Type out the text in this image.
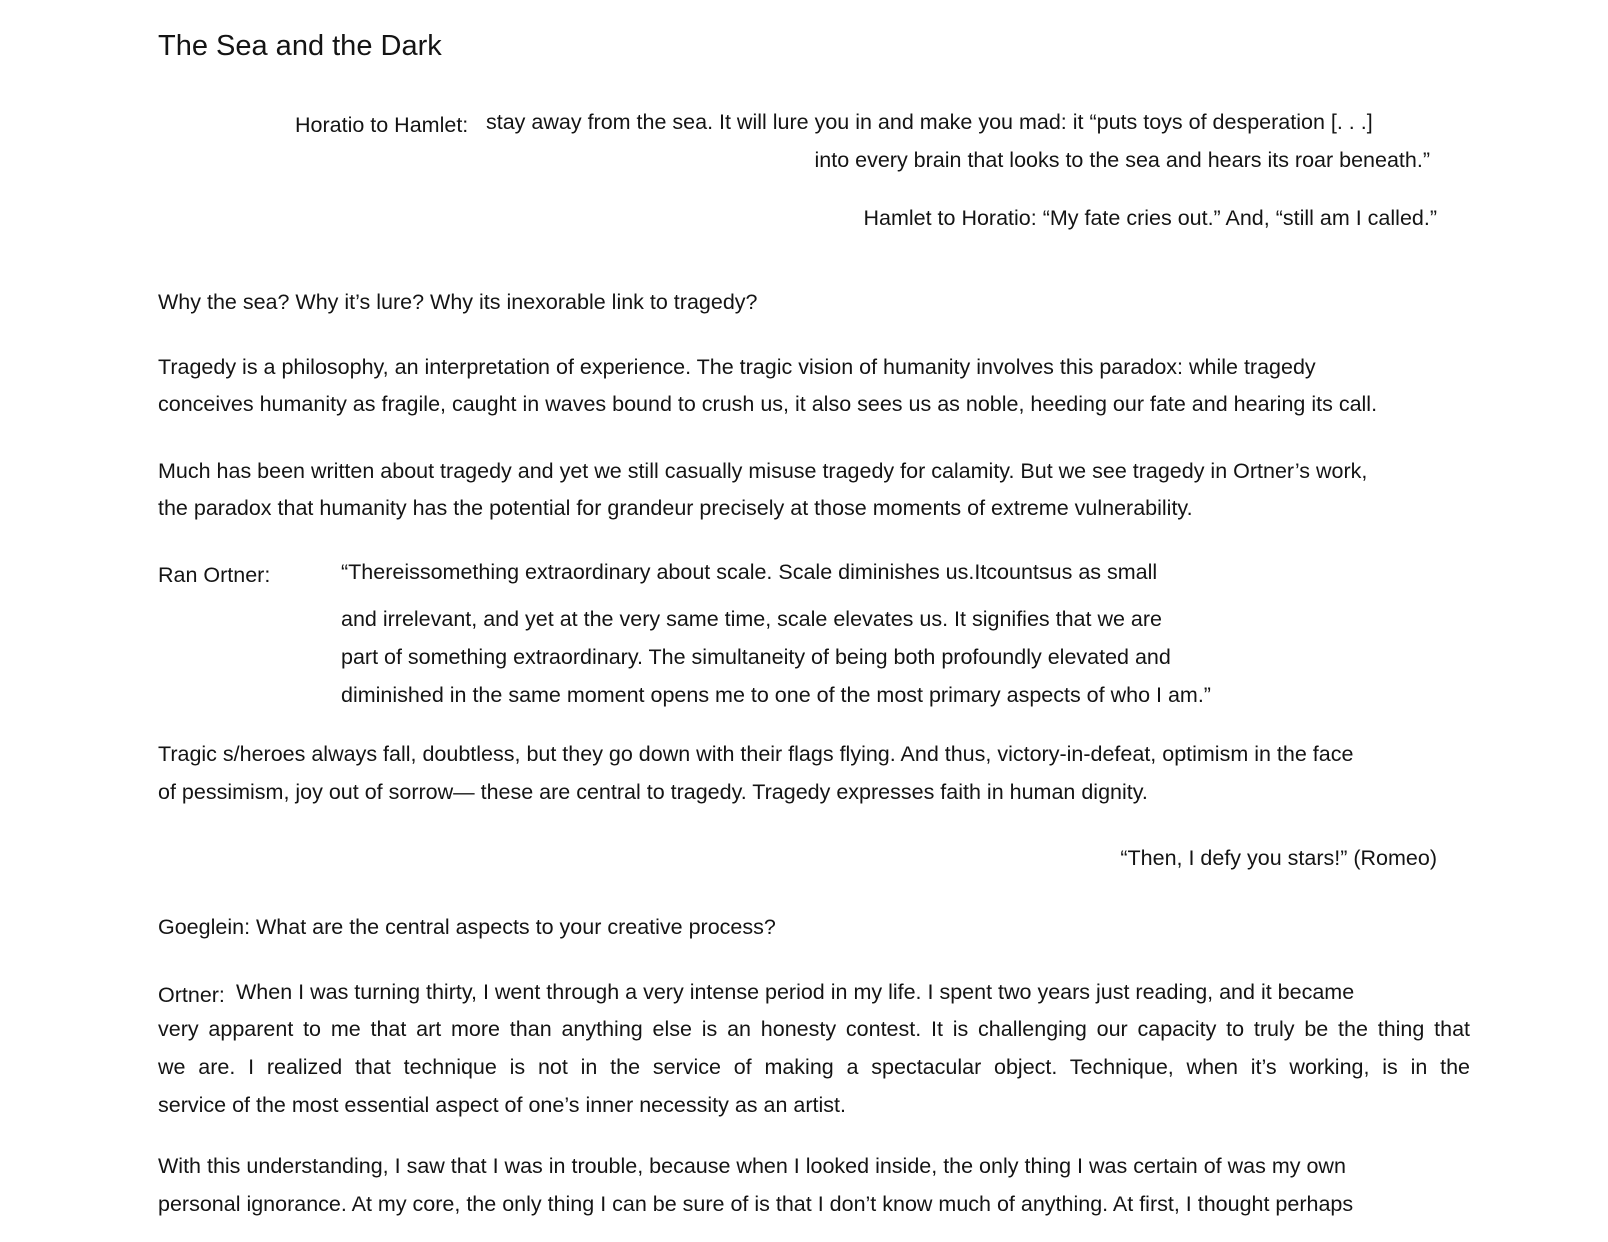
The Sea and the Dark
Horatio to Hamlet: stay away from the sea. It will lure you in and make you mad: it “puts toys of desperation [. . .]
into every brain that looks to the sea and hears its roar beneath.”
Hamlet to Horatio: “My fate cries out.” And, “still am I called.”
Why the sea? Why it’s lure? Why its inexorable link to tragedy?
Tragedy is a philosophy, an interpretation of experience. The tragic vision of humanity involves this paradox: while tragedy
conceives humanity as fragile, caught in waves bound to crush us, it also sees us as noble, heeding our fate and hearing its call.
Much has been written about tragedy and yet we still casually misuse tragedy for calamity. But we see tragedy in Ortner’s work,
the paradox that humanity has the potential for grandeur precisely at those moments of extreme vulnerability.
Ran Ortner:	“Thereissomething extraordinary about scale. Scale diminishes us.Itcountsus as small
and irrelevant, and yet at the very same time, scale elevates us. It signifies that we are
part of something extraordinary. The simultaneity of being both profoundly elevated and
diminished in the same moment opens me to one of the most primary aspects of who I am.”
Tragic s/heroes always fall, doubtless, but they go down with their flags flying. And thus, victory-in-defeat, optimism in the face
of pessimism, joy out of sorrow— these are central to tragedy. Tragedy expresses faith in human dignity.
“Then, I defy you stars!” (Romeo)
Goeglein: What are the central aspects to your creative process?
Ortner: When I was turning thirty, I went through a very intense period in my life. I spent two years just reading, and it became
very apparent to me that art more than anything else is an honesty contest. It is challenging our capacity to truly be the thing that
we are. I realized that technique is not in the service of making a spectacular object. Technique, when it’s working, is in the
service of the most essential aspect of one’s inner necessity as an artist.
With this understanding, I saw that I was in trouble, because when I looked inside, the only thing I was certain of was my own
personal ignorance. At my core, the only thing I can be sure of is that I don’t know much of anything. At first, I thought perhaps
